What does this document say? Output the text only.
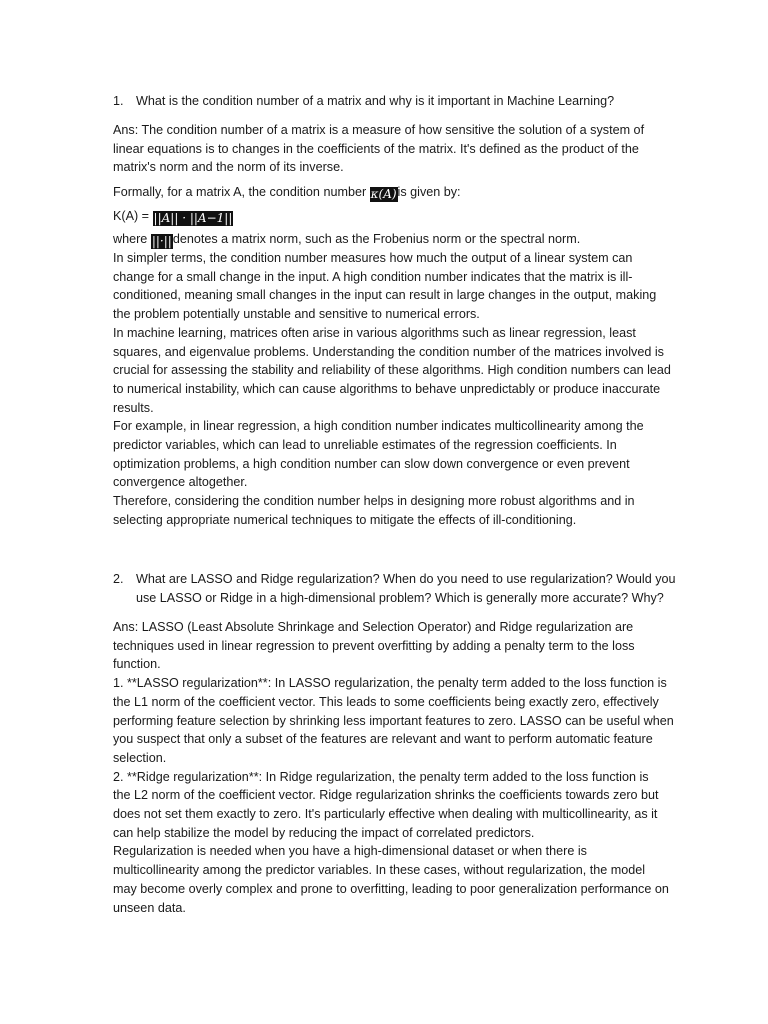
1. What is the condition number of a matrix and why is it important in Machine Learning?
Ans: The condition number of a matrix is a measure of how sensitive the solution of a system of
linear equations is to changes in the coefficients of the matrix. It's defined as the product of the
matrix's norm and the norm of its inverse.
Formally, for a matrix A, the condition number κ(A)is given by:
K(A) = ||A|| · ||A−1||
where ||·||denotes a matrix norm, such as the Frobenius norm or the spectral norm.
In simpler terms, the condition number measures how much the output of a linear system can
change for a small change in the input. A high condition number indicates that the matrix is ill-
conditioned, meaning small changes in the input can result in large changes in the output, making
the problem potentially unstable and sensitive to numerical errors.
In machine learning, matrices often arise in various algorithms such as linear regression, least
squares, and eigenvalue problems. Understanding the condition number of the matrices involved is
crucial for assessing the stability and reliability of these algorithms. High condition numbers can lead
to numerical instability, which can cause algorithms to behave unpredictably or produce inaccurate
results.
For example, in linear regression, a high condition number indicates multicollinearity among the
predictor variables, which can lead to unreliable estimates of the regression coefficients. In
optimization problems, a high condition number can slow down convergence or even prevent
convergence altogether.
Therefore, considering the condition number helps in designing more robust algorithms and in
selecting appropriate numerical techniques to mitigate the effects of ill-conditioning.
2. What are LASSO and Ridge regularization? When do you need to use regularization? Would you
use LASSO or Ridge in a high-dimensional problem? Which is generally more accurate? Why?
Ans: LASSO (Least Absolute Shrinkage and Selection Operator) and Ridge regularization are
techniques used in linear regression to prevent overfitting by adding a penalty term to the loss
function.
1. **LASSO regularization**: In LASSO regularization, the penalty term added to the loss function is
the L1 norm of the coefficient vector. This leads to some coefficients being exactly zero, effectively
performing feature selection by shrinking less important features to zero. LASSO can be useful when
you suspect that only a subset of the features are relevant and want to perform automatic feature
selection.
2. **Ridge regularization**: In Ridge regularization, the penalty term added to the loss function is
the L2 norm of the coefficient vector. Ridge regularization shrinks the coefficients towards zero but
does not set them exactly to zero. It's particularly effective when dealing with multicollinearity, as it
can help stabilize the model by reducing the impact of correlated predictors.
Regularization is needed when you have a high-dimensional dataset or when there is
multicollinearity among the predictor variables. In these cases, without regularization, the model
may become overly complex and prone to overfitting, leading to poor generalization performance on
unseen data.
